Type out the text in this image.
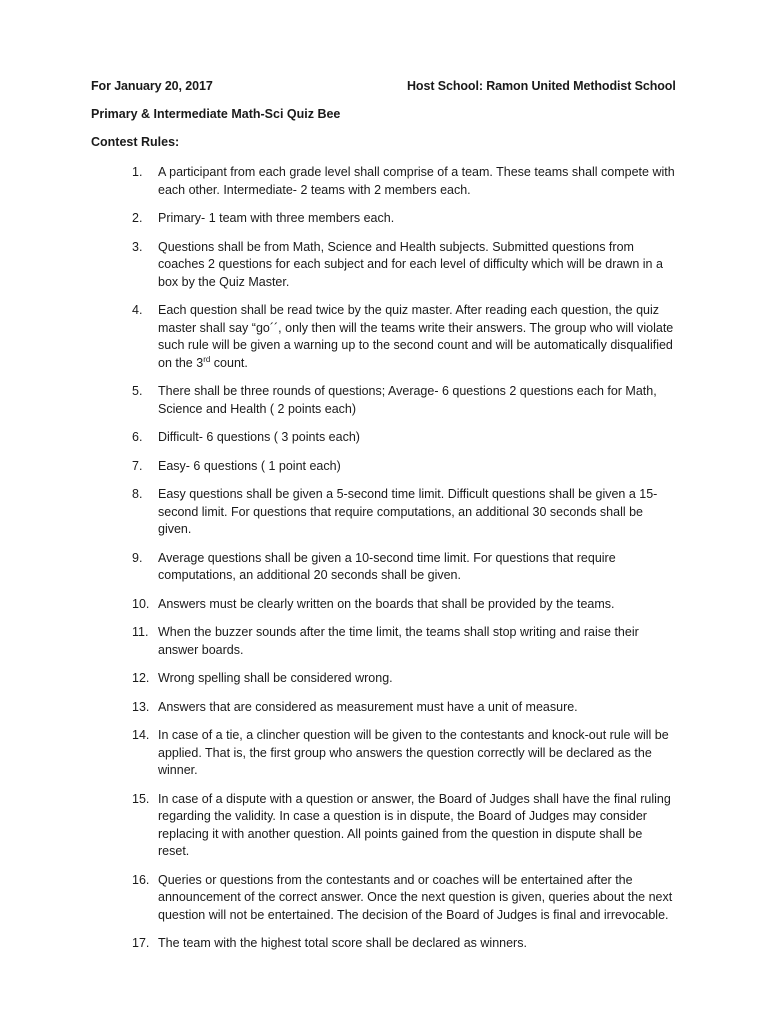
For January 20, 2017	Host School: Ramon United Methodist School
Primary & Intermediate Math-Sci Quiz Bee
Contest Rules:
1.	A participant from each grade level shall comprise of a team. These teams shall compete with each other. Intermediate- 2 teams with 2 members each.
2.	Primary- 1 team with three members each.
3.	Questions shall be from Math, Science and Health subjects. Submitted questions from coaches 2 questions for each subject and for each level of difficulty which will be drawn in a box by the Quiz Master.
4.	Each question shall be read twice by the quiz master. After reading each question, the quiz master shall say “go´´, only then will the teams write their answers. The group who will violate such rule will be given a warning up to the second count and will be automatically disqualified on the 3rd count.
5.	There shall be three rounds of questions; Average- 6 questions 2 questions each for Math, Science and Health ( 2 points each)
6.	Difficult- 6 questions ( 3 points each)
7.	Easy- 6 questions ( 1 point each)
8.	Easy questions shall be given a 5-second time limit. Difficult questions shall be given a 15-second limit. For questions that require computations, an additional 30 seconds shall be given.
9.	Average questions shall be given a 10-second time limit. For questions that require computations, an additional 20 seconds shall be given.
10. Answers must be clearly written on the boards that shall be provided by the teams.
11. When the buzzer sounds after the time limit, the teams shall stop writing and raise their answer boards.
12. Wrong spelling shall be considered wrong.
13. Answers that are considered as measurement must have a unit of measure.
14. In case of a tie, a clincher question will be given to the contestants and knock-out rule will be applied. That is, the first group who answers the question correctly will be declared as the winner.
15. In case of a dispute with a question or answer, the Board of Judges shall have the final ruling regarding the validity. In case a question is in dispute, the Board of Judges may consider replacing it with another question. All points gained from the question in dispute shall be reset.
16. Queries or questions from the contestants and or coaches will be entertained after the announcement of the correct answer. Once the next question is given, queries about the next question will not be entertained. The decision of the Board of Judges is final and irrevocable.
17. The team with the highest total score shall be declared as winners.
